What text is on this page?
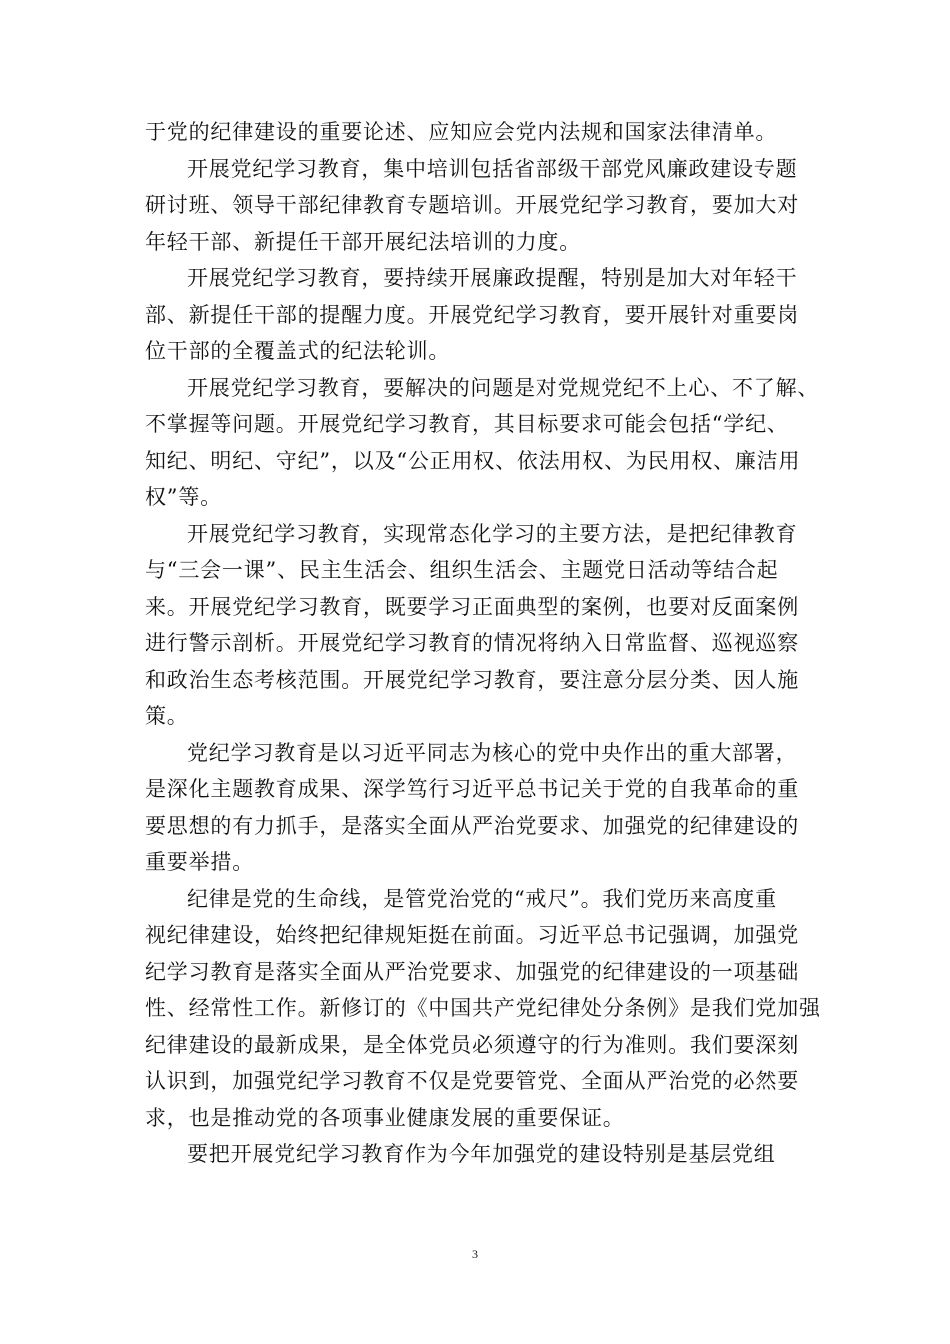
于党的纪律建设的重要论述、应知应会党内法规和国家法律清单。
开展党纪学习教育，集中培训包括省部级干部党风廉政建设专题
研讨班、领导干部纪律教育专题培训。开展党纪学习教育，要加大对
年轻干部、新提任干部开展纪法培训的力度。
开展党纪学习教育，要持续开展廉政提醒，特别是加大对年轻干
部、新提任干部的提醒力度。开展党纪学习教育，要开展针对重要岗
位干部的全覆盖式的纪法轮训。
开展党纪学习教育，要解决的问题是对党规党纪不上心、不了解、
不掌握等问题。开展党纪学习教育，其目标要求可能会包括“学纪、
知纪、明纪、守纪”，以及“公正用权、依法用权、为民用权、廉洁用
权”等。
开展党纪学习教育，实现常态化学习的主要方法，是把纪律教育
与“三会一课”、民主生活会、组织生活会、主题党日活动等结合起
来。开展党纪学习教育，既要学习正面典型的案例，也要对反面案例
进行警示剖析。开展党纪学习教育的情况将纳入日常监督、巡视巡察
和政治生态考核范围。开展党纪学习教育，要注意分层分类、因人施
策。
党纪学习教育是以习近平同志为核心的党中央作出的重大部署，
是深化主题教育成果、深学笃行习近平总书记关于党的自我革命的重
要思想的有力抓手，是落实全面从严治党要求、加强党的纪律建设的
重要举措。
纪律是党的生命线，是管党治党的“戒尺”。我们党历来高度重
视纪律建设，始终把纪律规矩挺在前面。习近平总书记强调，加强党
纪学习教育是落实全面从严治党要求、加强党的纪律建设的一项基础
性、经常性工作。新修订的《中国共产党纪律处分条例》是我们党加强
纪律建设的最新成果，是全体党员必须遵守的行为准则。我们要深刻
认识到，加强党纪学习教育不仅是党要管党、全面从严治党的必然要
求，也是推动党的各项事业健康发展的重要保证。
要把开展党纪学习教育作为今年加强党的建设特别是基层党组
3
